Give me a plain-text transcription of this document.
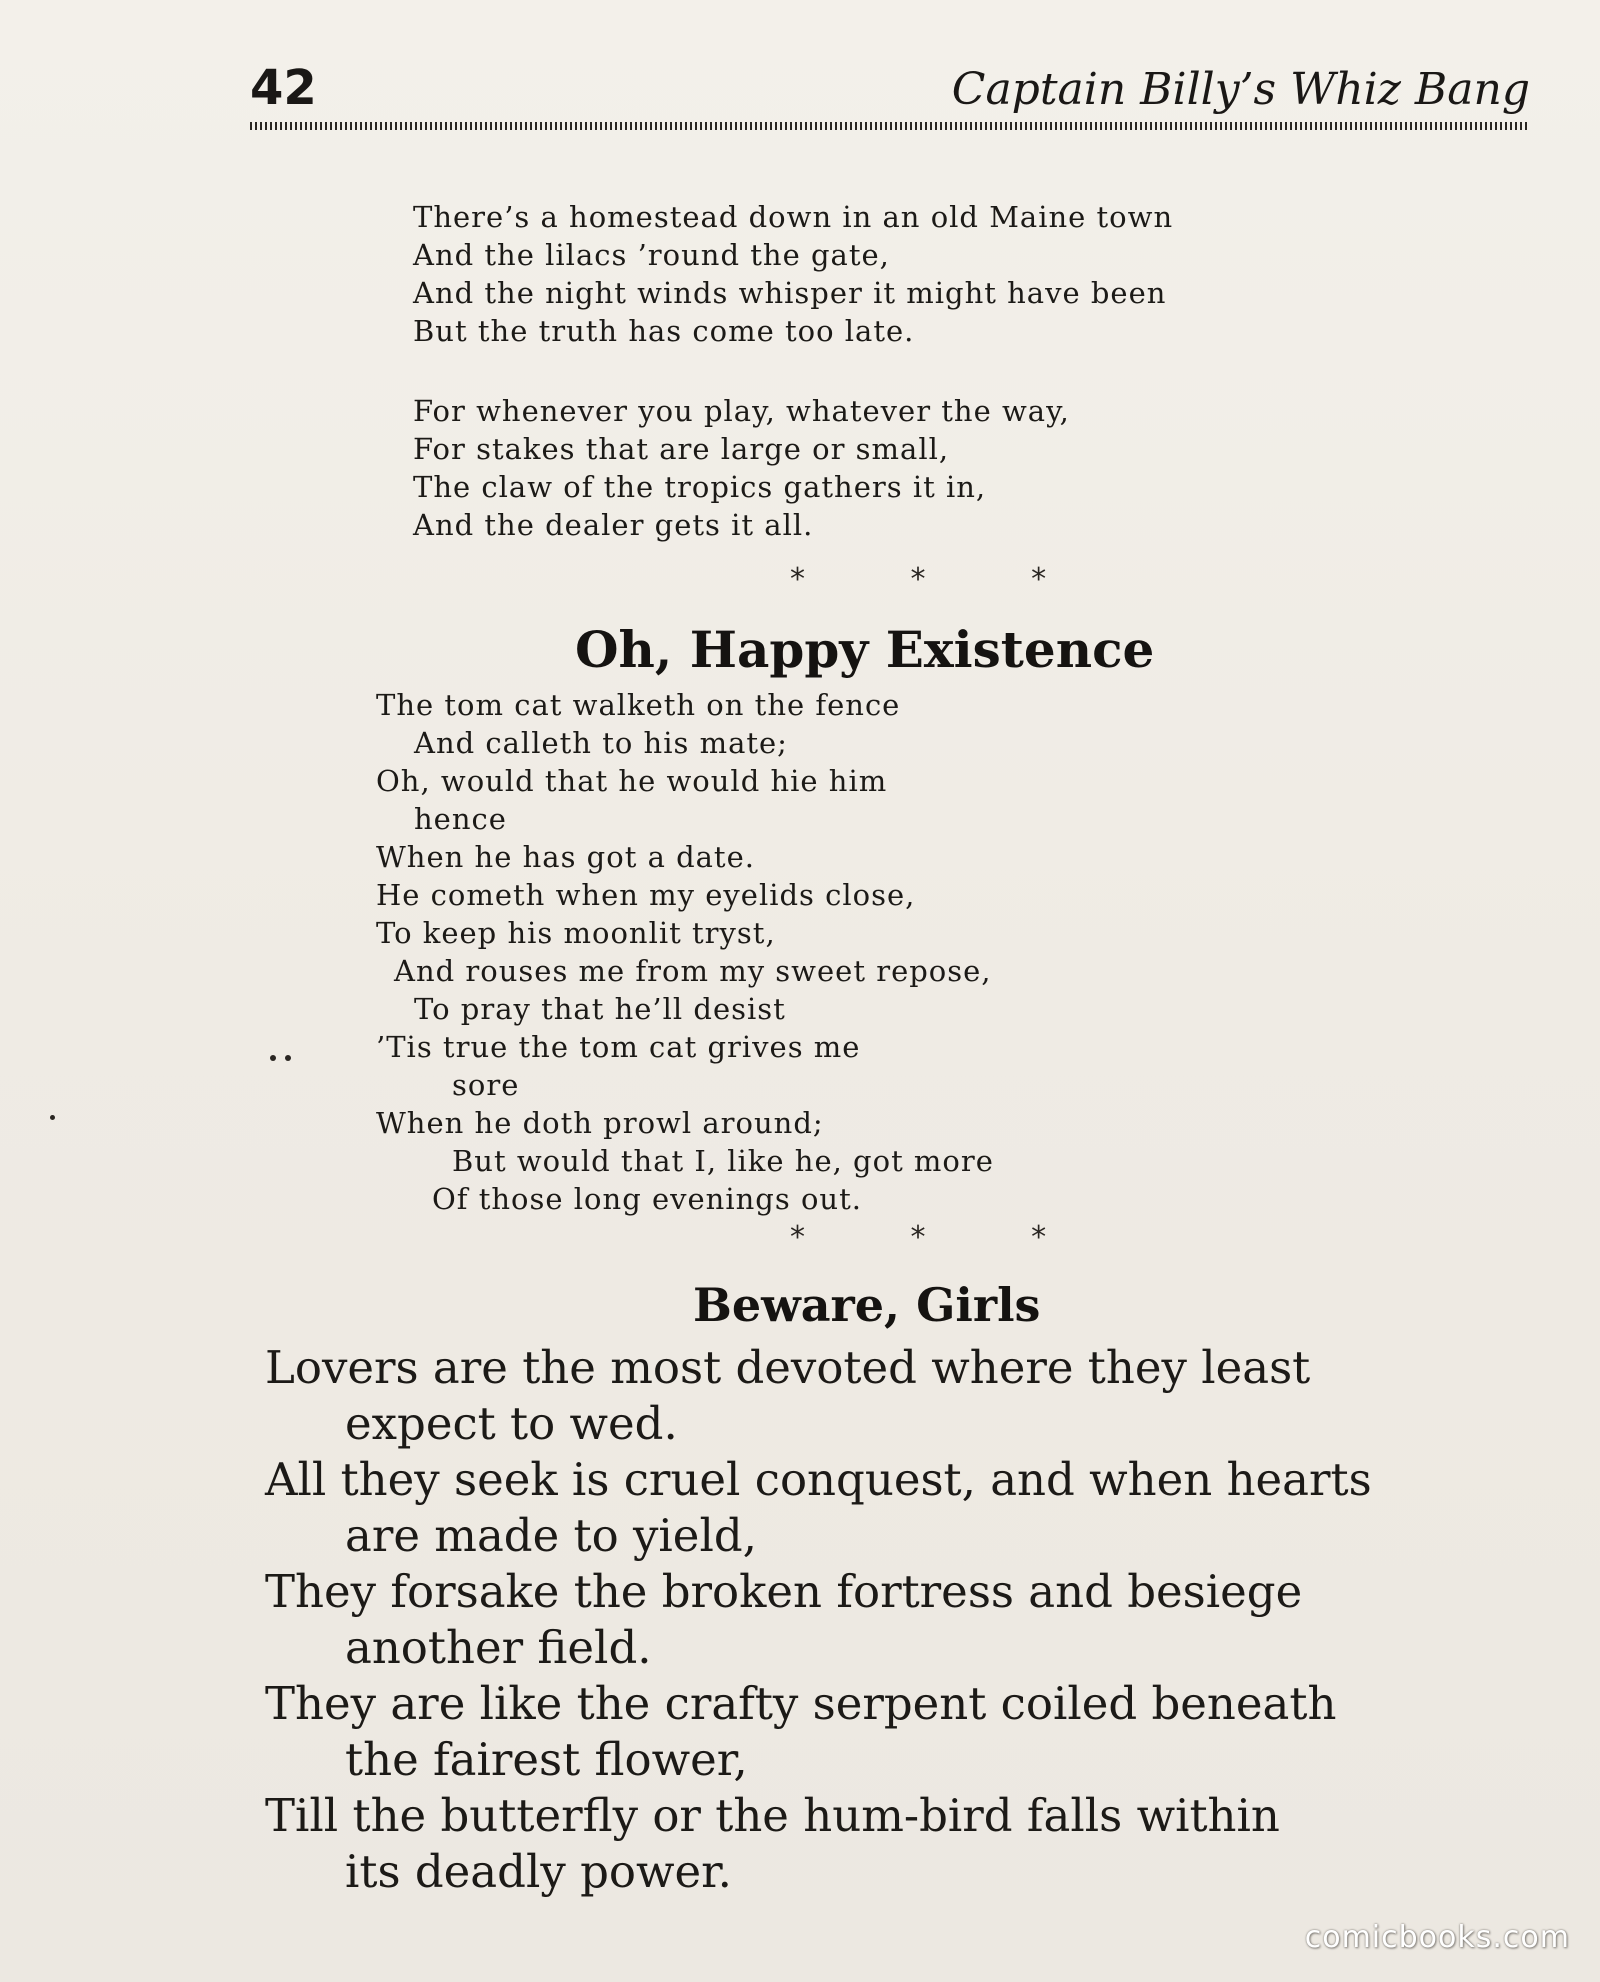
42	Captain Billy’s Whiz Bang
There’s a homestead down in an old Maine town
And the lilacs ’round the gate,
And the night winds whisper it might have been
But the truth has come too late.
For whenever you play, whatever the way,
For stakes that are large or small,
The claw of the tropics gathers it in,
And the dealer gets it all.
* * *
Oh, Happy Existence
The tom cat walketh on the fence
And calleth to his mate;
Oh, would that he would hie him
hence
When he has got a date.
He cometh when my eyelids close,
To keep his moonlit tryst,
And rouses me from my sweet repose,
To pray that he’ll desist
’Tis true the tom cat grives me
sore
When he doth prowl around;
But would that I, like he, got more
Of those long evenings out.
* * *
Beware, Girls
Lovers are the most devoted where they least
expect to wed.
All they seek is cruel conquest, and when hearts
are made to yield,
They forsake the broken fortress and besiege
another field.
They are like the crafty serpent coiled beneath
the fairest flower,
Till the butterfly or the hum-bird falls within
its deadly power.
comicbooks.com
